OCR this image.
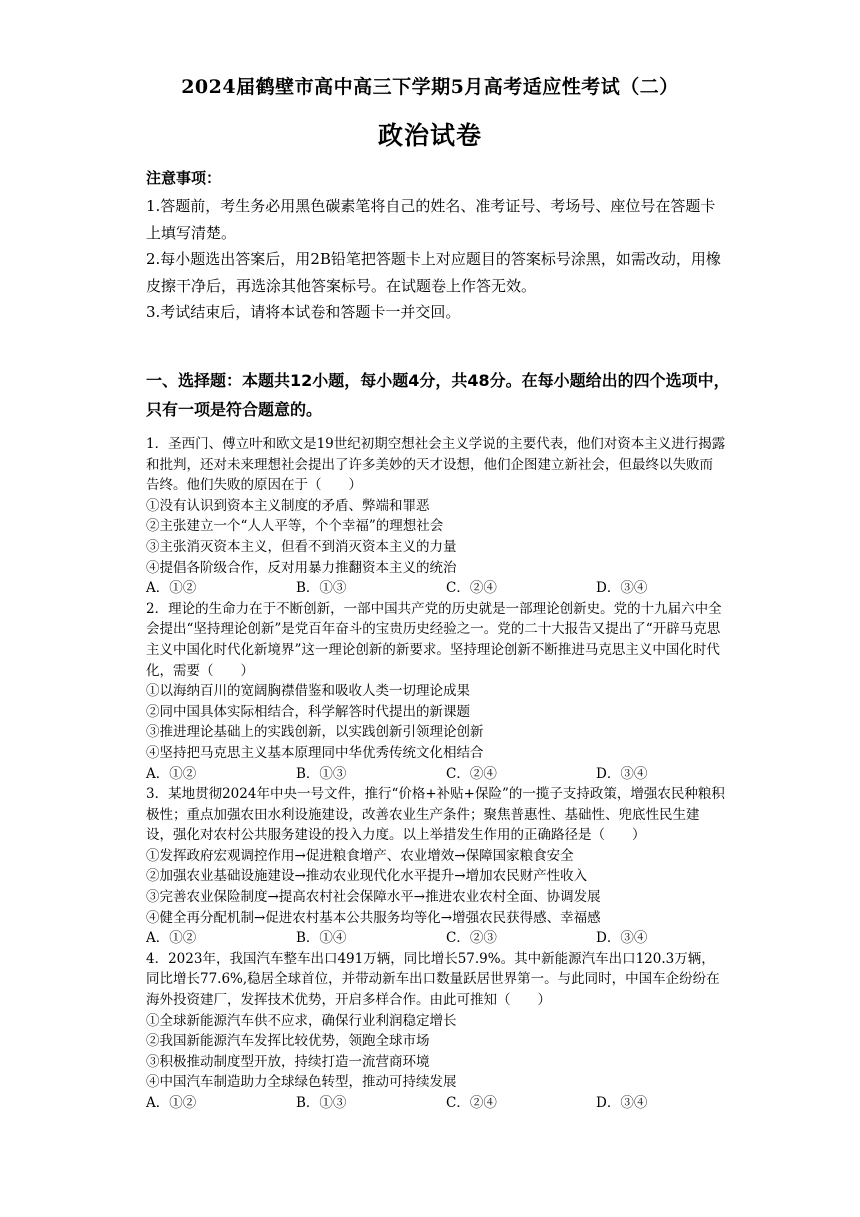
2024届鹤壁市高中高三下学期5月高考适应性考试（二）
政治试卷
注意事项：

1.答题前，考生务必用黑色碳素笔将自己的姓名、准考证号、考场号、座位号在答题卡上填写清楚。

2.每小题选出答案后，用2B铅笔把答题卡上对应题目的答案标号涂黑，如需改动，用橡皮擦干净后，再选涂其他答案标号。在试题卷上作答无效。

3.考试结束后，请将本试卷和答题卡一并交回。

一、选择题：本题共12小题，每小题4分，共48分。在每小题给出的四个选项中，只有一项是符合题意的。

1．圣西门、傅立叶和欧文是19世纪初期空想社会主义学说的主要代表，他们对资本主义进行揭露和批判，还对未来理想社会提出了许多美妙的天才设想，他们企图建立新社会，但最终以失败而告终。他们失败的原因在于（　　）

①没有认识到资本主义制度的矛盾、弊端和罪恶

②主张建立一个“人人平等，个个幸福”的理想社会

③主张消灭资本主义，但看不到消灭资本主义的力量

④提倡各阶级合作，反对用暴力推翻资本主义的统治

A．①②	B．①③	C．②④	D．③④

2．理论的生命力在于不断创新，一部中国共产党的历史就是一部理论创新史。党的十九届六中全会提出“坚持理论创新”是党百年奋斗的宝贵历史经验之一。党的二十大报告又提出了“开辟马克思主义中国化时代化新境界”这一理论创新的新要求。坚持理论创新不断推进马克思主义中国化时代化，需要（　　）

①以海纳百川的宽阔胸襟借鉴和吸收人类一切理论成果

②同中国具体实际相结合，科学解答时代提出的新课题

③推进理论基础上的实践创新，以实践创新引领理论创新

④坚持把马克思主义基本原理同中华优秀传统文化相结合

A．①②	B．①③	C．②④	D．③④

3．某地贯彻2024年中央一号文件，推行“价格+补贴+保险”的一揽子支持政策，增强农民种粮积极性；重点加强农田水利设施建设，改善农业生产条件；聚焦普惠性、基础性、兜底性民生建设，强化对农村公共服务建设的投入力度。以上举措发生作用的正确路径是（　　）

①发挥政府宏观调控作用→促进粮食增产、农业增效→保障国家粮食安全

②加强农业基础设施建设→推动农业现代化水平提升→增加农民财产性收入

③完善农业保险制度→提高农村社会保障水平→推进农业农村全面、协调发展

④健全再分配机制→促进农村基本公共服务均等化→增强农民获得感、幸福感

A．①②	B．①④	C．②③	D．③④

4．2023年，我国汽车整车出口491万辆，同比增长57.9%。其中新能源汽车出口120.3万辆，同比增长77.6%,稳居全球首位，并带动新车出口数量跃居世界第一。与此同时，中国车企纷纷在海外投资建厂，发挥技术优势，开启多样合作。由此可推知（　　）

①全球新能源汽车供不应求，确保行业利润稳定增长

②我国新能源汽车发挥比较优势，领跑全球市场

③积极推动制度型开放，持续打造一流营商环境

④中国汽车制造助力全球绿色转型，推动可持续发展

A．①②	B．①③	C．②④	D．③④
